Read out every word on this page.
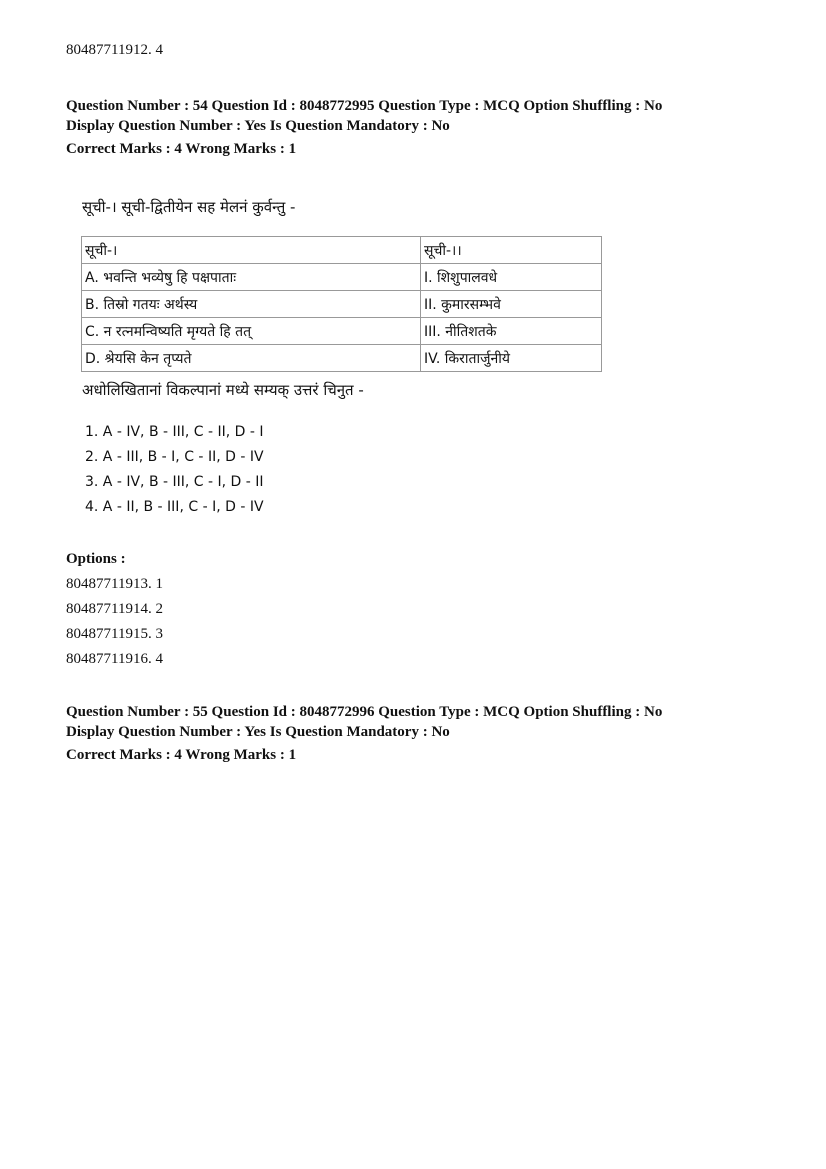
80487711912. 4
Question Number : 54 Question Id : 8048772995 Question Type : MCQ Option Shuffling : No
Display Question Number : Yes Is Question Mandatory : No
Correct Marks : 4 Wrong Marks : 1
सूची-। सूची-द्वितीयेन सह मेलनं कुर्वन्तु -
सूची-।	सूची-।।
A. भवन्ति भव्येषु हि पक्षपाताः	I. शिशुपालवधे
B. तिस्रो गतयः अर्थस्य	II. कुमारसम्भवे
C. न रत्नमन्विष्यति मृग्यते हि तत्	III. नीतिशतके
D. श्रेयसि केन तृप्यते	IV. किरातार्जुनीये
अधोलिखितानां विकल्पानां मध्ये सम्यक् उत्तरं चिनुत -
1. A - IV, B - III, C - II, D - I
2. A - III, B - I, C - II, D - IV
3. A - IV, B - III, C - I, D - II
4. A - II, B - III, C - I, D - IV
Options :
80487711913. 1
80487711914. 2
80487711915. 3
80487711916. 4
Question Number : 55 Question Id : 8048772996 Question Type : MCQ Option Shuffling : No
Display Question Number : Yes Is Question Mandatory : No
Correct Marks : 4 Wrong Marks : 1
